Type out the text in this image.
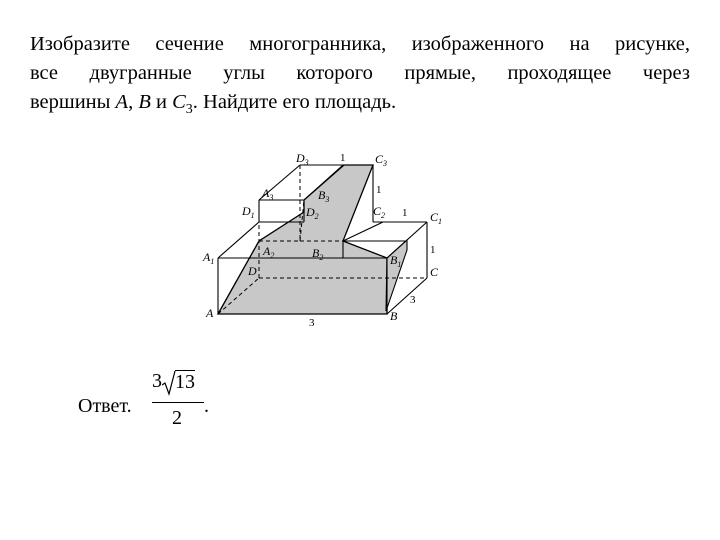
Изобразите сечение многогранника, изображенного на рисунке,
все двугранные углы которого прямые, проходящее через
вершины A, B и $C_3$. Найдите его площадь.
$D_3$	$C_3$
$A_3$	$B_3$
$D_1$	$D_2$	$C_2$	$C_1$
$A_1$
$A_2$	$B_2$	$B_1$
D	C
A	B
1
1
1
1
3
3
Ответ.
3 13
2
.
